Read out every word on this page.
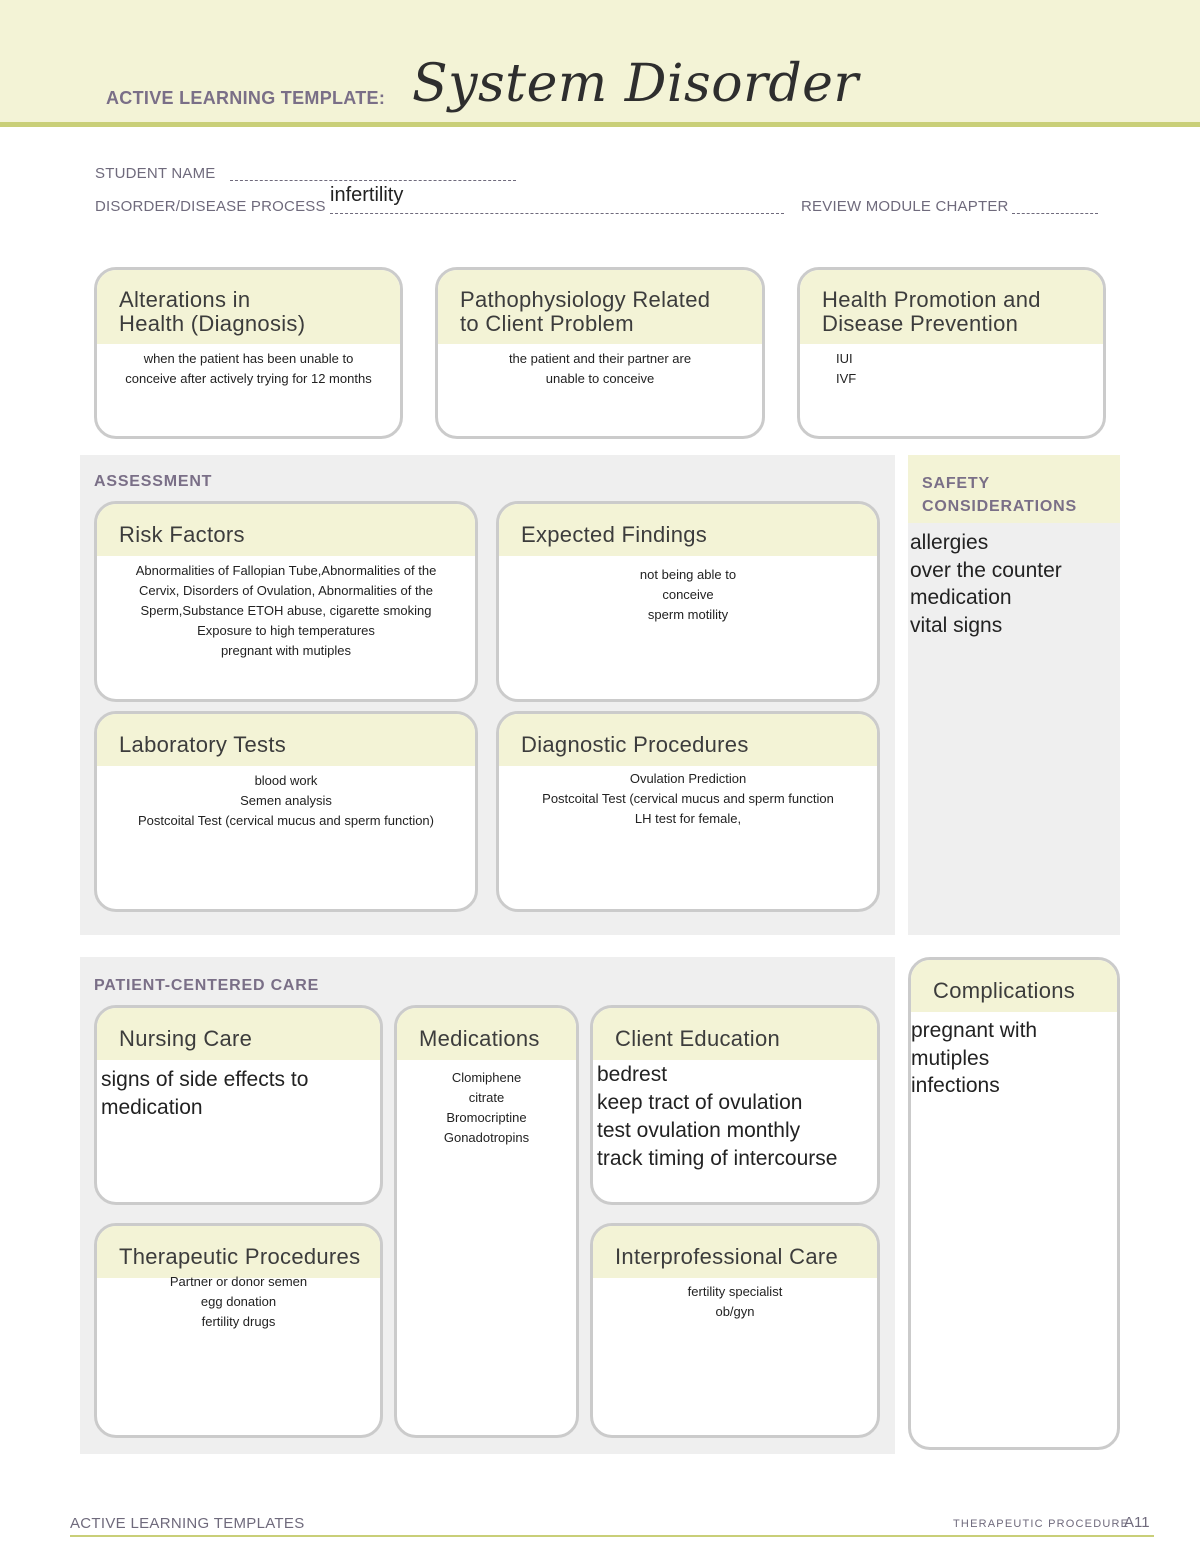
ACTIVE LEARNING TEMPLATE: System Disorder
STUDENT NAME
DISORDER/DISEASE PROCESS
infertility
REVIEW MODULE CHAPTER
Alterations in
Health (Diagnosis)
when the patient has been unable to
conceive after actively trying for 12 months
Pathophysiology Related
to Client Problem
the patient and their partner are
unable to conceive
Health Promotion and
Disease Prevention
IUI
IVF
ASSESSMENT
Risk Factors
Abnormalities of Fallopian Tube,Abnormalities of the
Cervix, Disorders of Ovulation, Abnormalities of the
Sperm,Substance ETOH abuse, cigarette smoking
Exposure to high temperatures
pregnant with mutiples
Expected Findings
not being able to
conceive
sperm motility
Laboratory Tests
blood work
Semen analysis
Postcoital Test (cervical mucus and sperm function)
Diagnostic Procedures
Ovulation Prediction
Postcoital Test (cervical mucus and sperm function
LH test for female,
SAFETY
CONSIDERATIONS
allergies
over the counter
medication
vital signs
PATIENT-CENTERED CARE
Nursing Care
signs of side effects to
medication
Medications
Clomiphene
citrate
Bromocriptine
Gonadotropins
Client Education
bedrest
keep tract of ovulation
test ovulation monthly
track timing of intercourse
Therapeutic Procedures
Partner or donor semen
egg donation
fertility drugs
Interprofessional Care
fertility specialist
ob/gyn
Complications
pregnant with
mutiples
infections
ACTIVE LEARNING TEMPLATES	THERAPEUTIC PROCEDURE
A11
